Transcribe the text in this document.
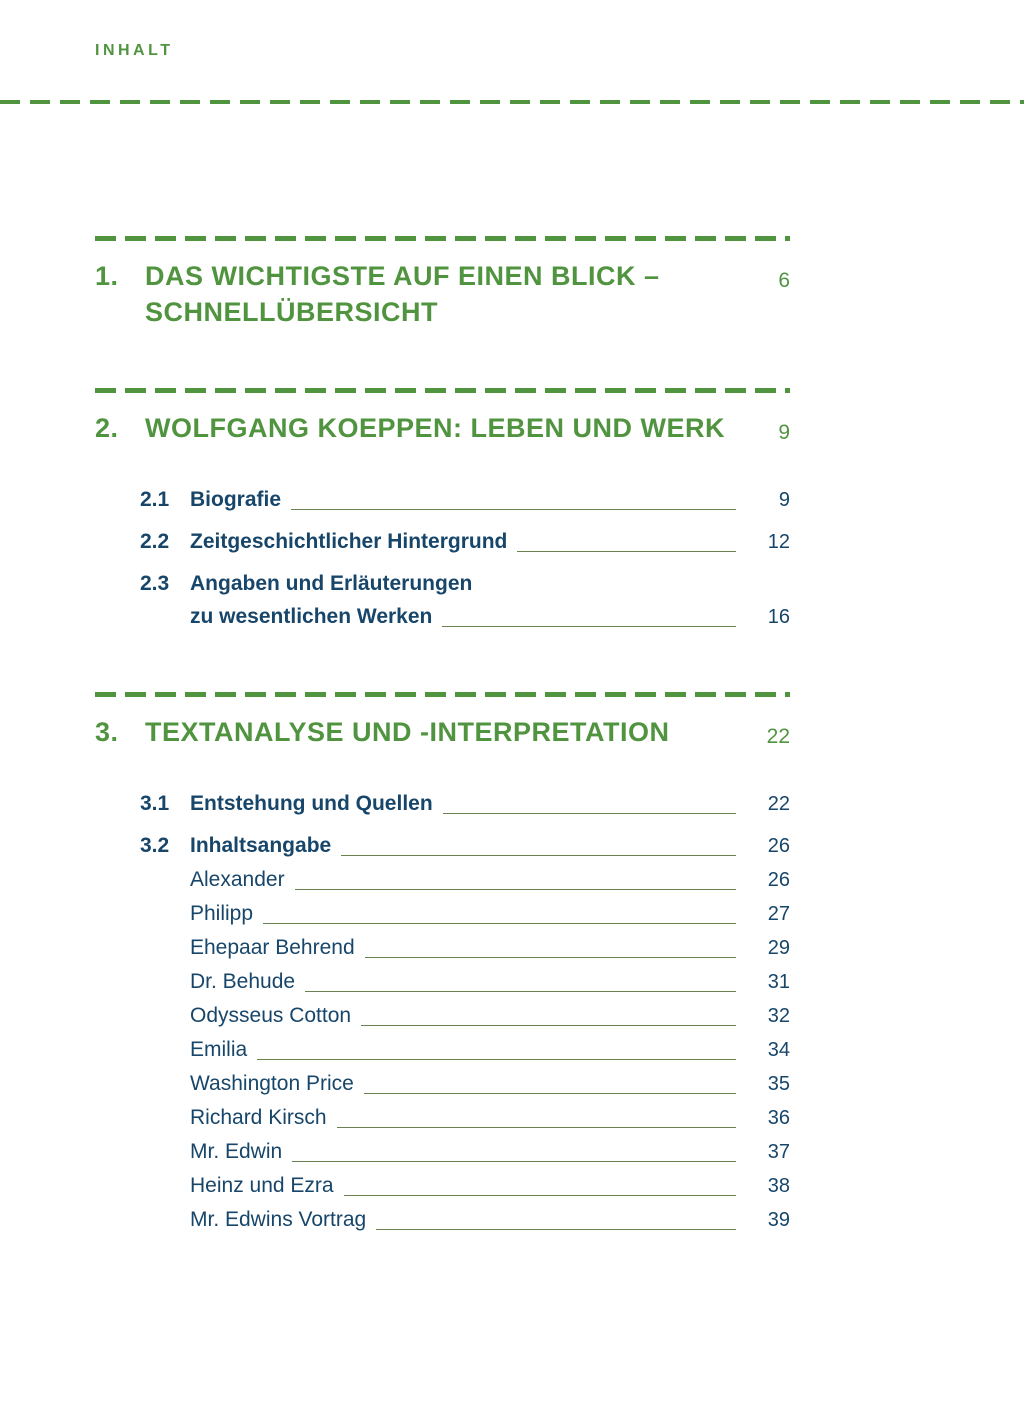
INHALT
1. DAS WICHTIGSTE AUF EINEN BLICK –
SCHNELLÜBERSICHT
6
2. WOLFGANG KOEPPEN: LEBEN UND WERK	9
2.1 Biografie	9
2.2 Zeitgeschichtlicher Hintergrund	12
2.3 Angaben und Erläuterungen
zu wesentlichen Werken	16
3. TEXTANALYSE UND -INTERPRETATION	22
3.1 Entstehung und Quellen	22
3.2 Inhaltsangabe	26
Alexander	26
Philipp	27
Ehepaar Behrend	29
Dr. Behude	31
Odysseus Cotton	32
Emilia	34
Washington Price	35
Richard Kirsch	36
Mr. Edwin	37
Heinz und Ezra	38
Mr. Edwins Vortrag	39
